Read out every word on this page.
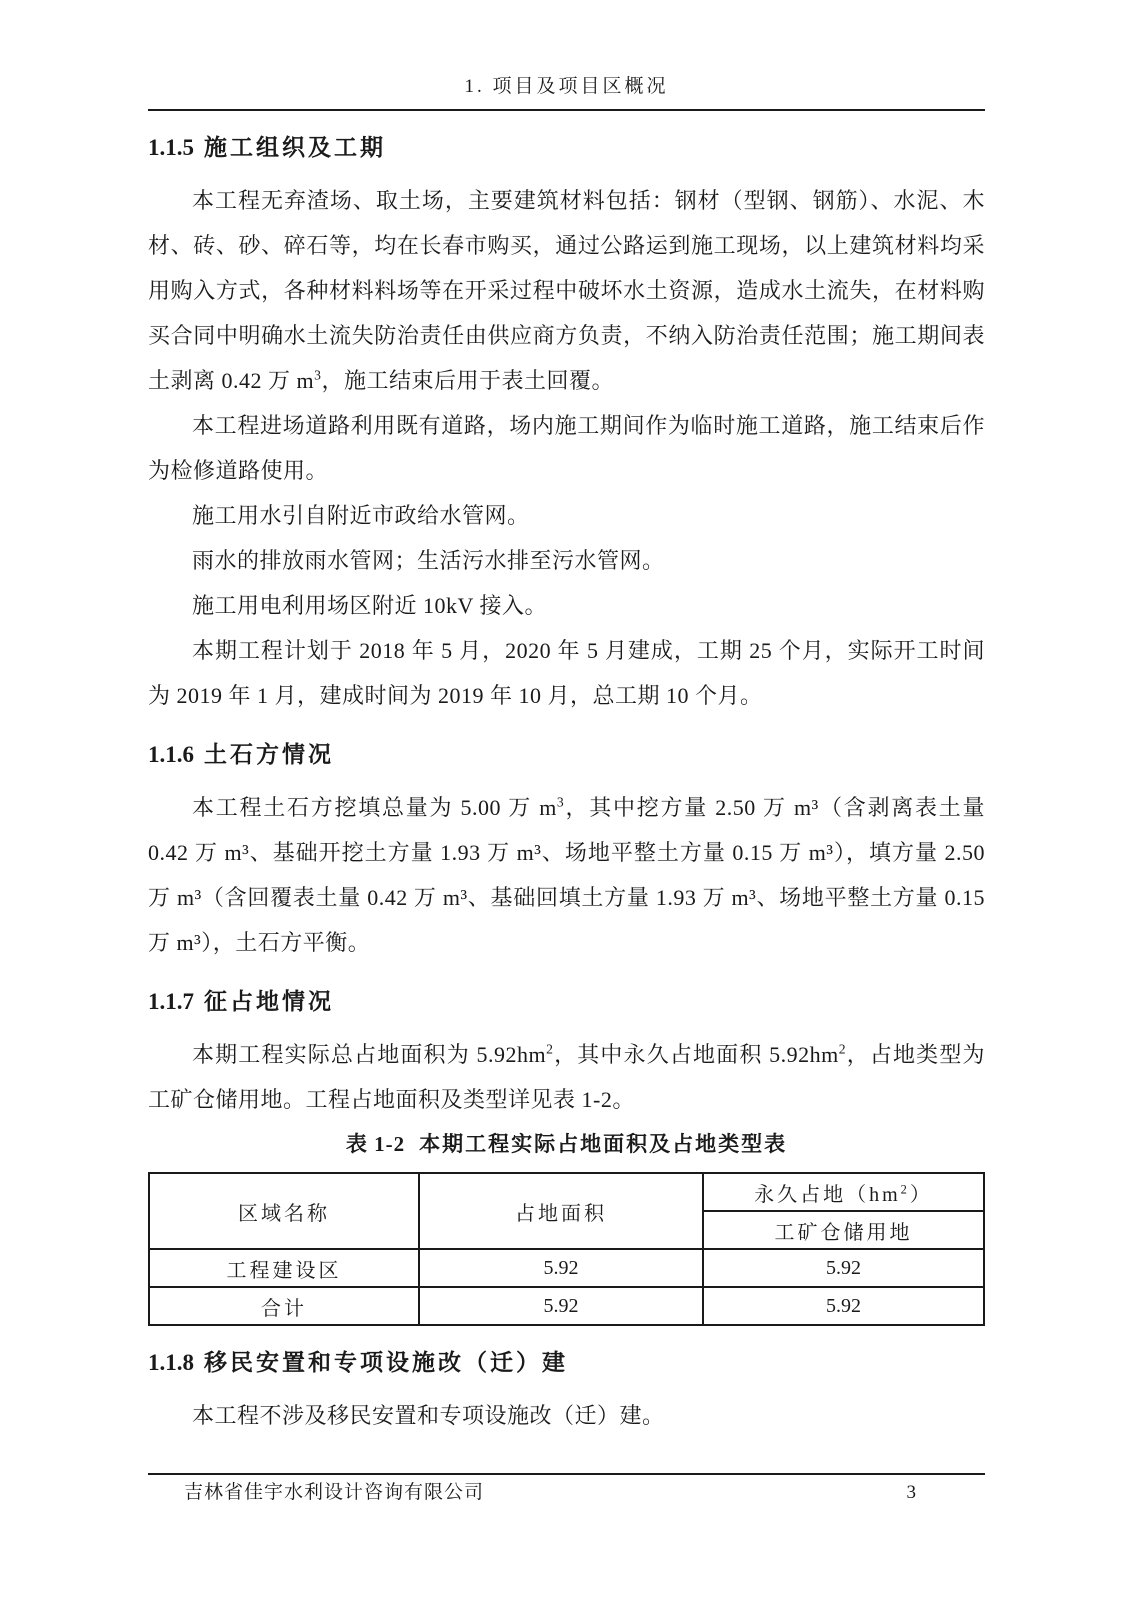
1. 项目及项目区概况
1.1.5 施工组织及工期

本工程无弃渣场、取土场，主要建筑材料包括：钢材（型钢、钢筋）、水泥、木材、砖、砂、碎石等，均在长春市购买，通过公路运到施工现场，以上建筑材料均采用购入方式，各种材料料场等在开采过程中破坏水土资源，造成水土流失，在材料购买合同中明确水土流失防治责任由供应商方负责，不纳入防治责任范围；施工期间表土剥离 0.42 万 $m^3$，施工结束后用于表土回覆。

本工程进场道路利用既有道路，场内施工期间作为临时施工道路，施工结束后作为检修道路使用。

施工用水引自附近市政给水管网。

雨水的排放雨水管网；生活污水排至污水管网。

施工用电利用场区附近 10kV 接入。

本期工程计划于 2018 年 5 月，2020 年 5 月建成，工期 25 个月，实际开工时间为 2019 年 1 月，建成时间为 2019 年 10 月，总工期 10 个月。

1.1.6 土石方情况

本工程土石方挖填总量为 5.00 万 $m^3$，其中挖方量 2.50 万 m³（含剥离表土量 0.42 万 m³、基础开挖土方量 1.93 万 m³、场地平整土方量 0.15 万 m³），填方量 2.50 万 m³（含回覆表土量 0.42 万 m³、基础回填土方量 1.93 万 m³、场地平整土方量 0.15 万 m³），土石方平衡。

1.1.7 征占地情况

本期工程实际总占地面积为 $5.92hm^2$，其中永久占地面积 $5.92hm^2$，占地类型为工矿仓储用地。工程占地面积及类型详见表 1-2。

表 1-2 本期工程实际占地面积及占地类型表
区域名称	占地面积	永久占地$(hm^2)$
		工矿仓储用地
工程建设区	5.92	5.92
合计	5.92	5.92
1.1.8 移民安置和专项设施改（迁）建

本工程不涉及移民安置和专项设施改（迁）建。

吉林省佳宇水利设计咨询有限公司	3
